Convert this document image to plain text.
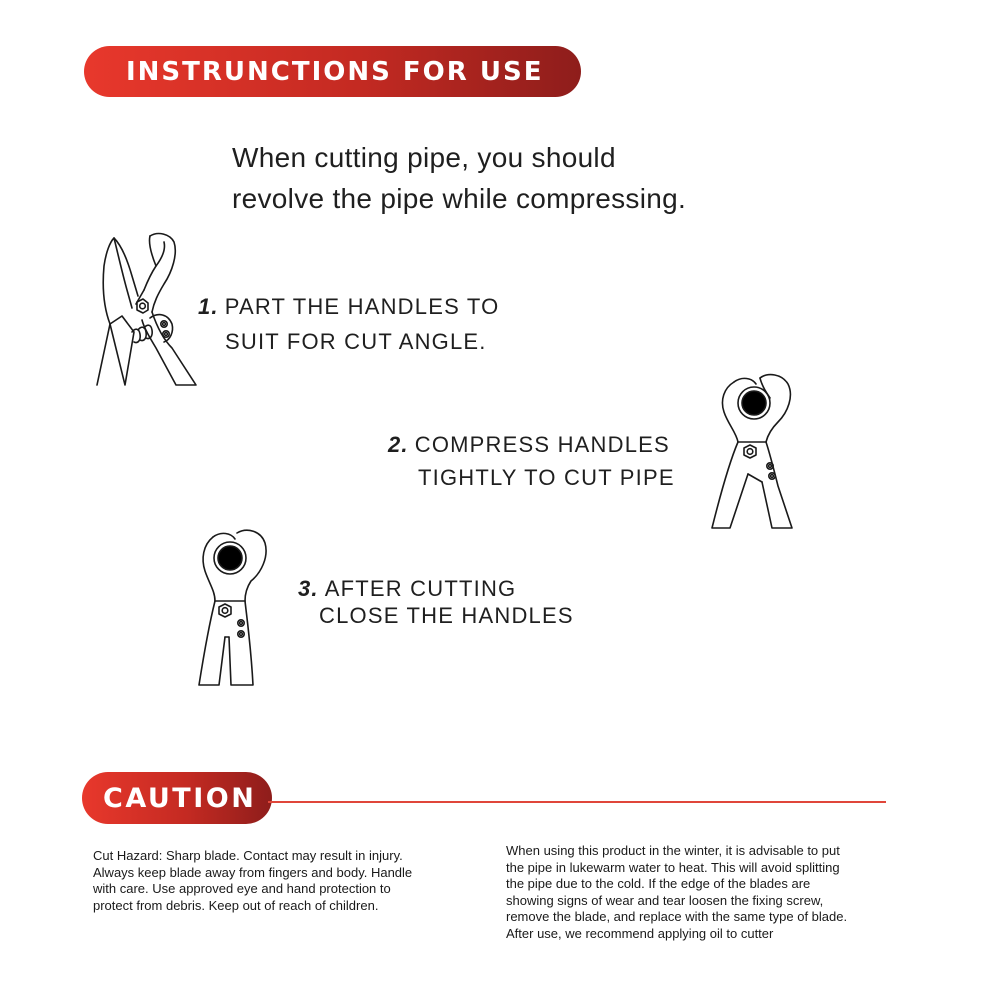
INSTRUNCTIONS FOR USE
When cutting pipe, you should
revolve the pipe while compressing.
1. PART THE HANDLES TO
SUIT FOR CUT ANGLE.
2. COMPRESS HANDLES
TIGHTLY TO CUT PIPE
3. AFTER CUTTING
CLOSE THE HANDLES
CAUTION
Cut Hazard: Sharp blade. Contact may result in injury.
Always keep blade away from fingers and body. Handle
with care. Use approved eye and hand protection to
protect from debris. Keep out of reach of children.
When using this product in the winter, it is advisable to put
the pipe in lukewarm water to heat. This will avoid splitting
the pipe due to the cold. If the edge of the blades are
showing signs of wear and tear loosen the fixing screw,
remove the blade, and replace with the same type of blade.
After use, we recommend applying oil to cutter
